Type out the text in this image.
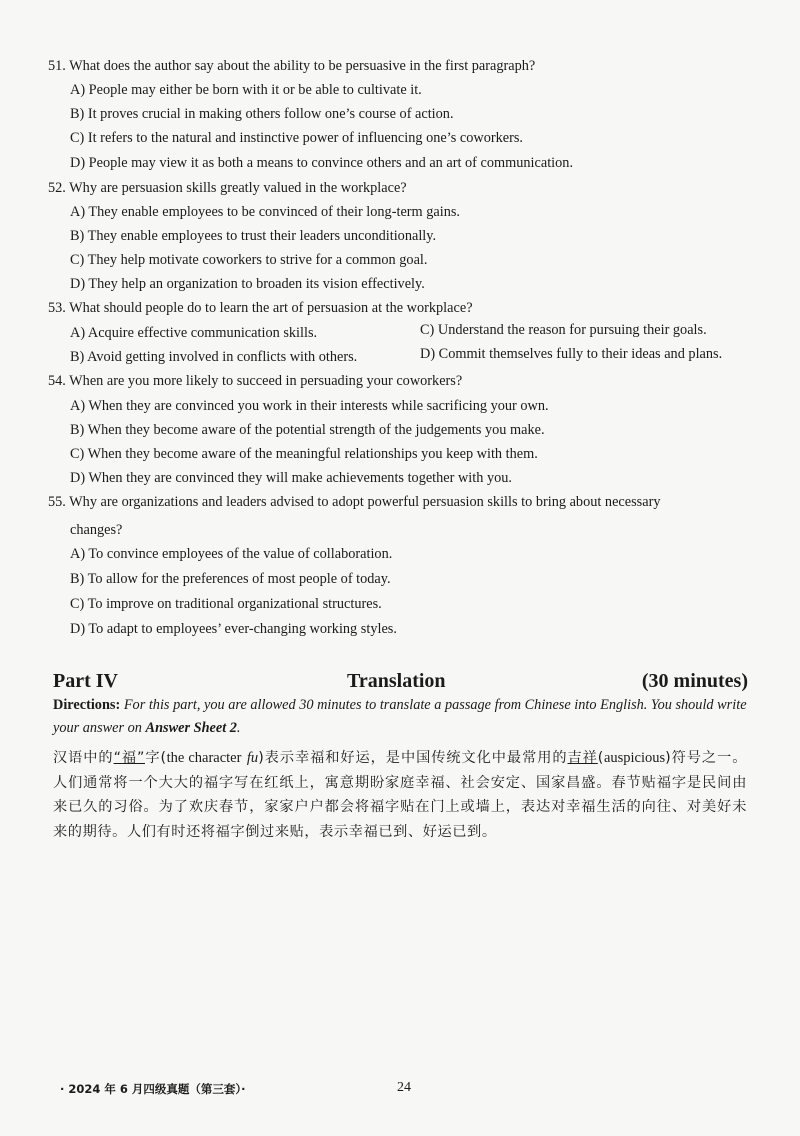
51. What does the author say about the ability to be persuasive in the first paragraph?
A) People may either be born with it or be able to cultivate it.
B) It proves crucial in making others follow one’s course of action.
C) It refers to the natural and instinctive power of influencing one’s coworkers.
D) People may view it as both a means to convince others and an art of communication.
52. Why are persuasion skills greatly valued in the workplace?
A) They enable employees to be convinced of their long-term gains.
B) They enable employees to trust their leaders unconditionally.
C) They help motivate coworkers to strive for a common goal.
D) They help an organization to broaden its vision effectively.
53. What should people do to learn the art of persuasion at the workplace?
A) Acquire effective communication skills.
B) Avoid getting involved in conflicts with others.
C) Understand the reason for pursuing their goals.
D) Commit themselves fully to their ideas and plans.
54. When are you more likely to succeed in persuading your coworkers?
A) When they are convinced you work in their interests while sacrificing your own.
B) When they become aware of the potential strength of the judgements you make.
C) When they become aware of the meaningful relationships you keep with them.
D) When they are convinced they will make achievements together with you.
55. Why are organizations and leaders advised to adopt powerful persuasion skills to bring about necessary
changes?
A) To convince employees of the value of collaboration.
B) To allow for the preferences of most people of today.
C) To improve on traditional organizational structures.
D) To adapt to employees’ ever-changing working styles.
Part IV	Translation	(30 minutes)
Directions: For this part, you are allowed 30 minutes to translate a passage from Chinese into English. You should write your answer on Answer Sheet 2.
汉语中的“福”字(the character fu)表示幸福和好运，是中国传统文化中最常用的吉祥(auspicious)符号之一。人们通常将一个大大的福字写在红纸上，寓意期盼家庭幸福、社会安定、国家昌盛。春节贴福字是民间由来已久的习俗。为了欢庆春节，家家户户都会将福字贴在门上或墙上，表达对幸福生活的向往、对美好未来的期待。人们有时还将福字倒过来贴，表示幸福已到、好运已到。
· 2024 年 6 月四级真题（第三套）·	24
